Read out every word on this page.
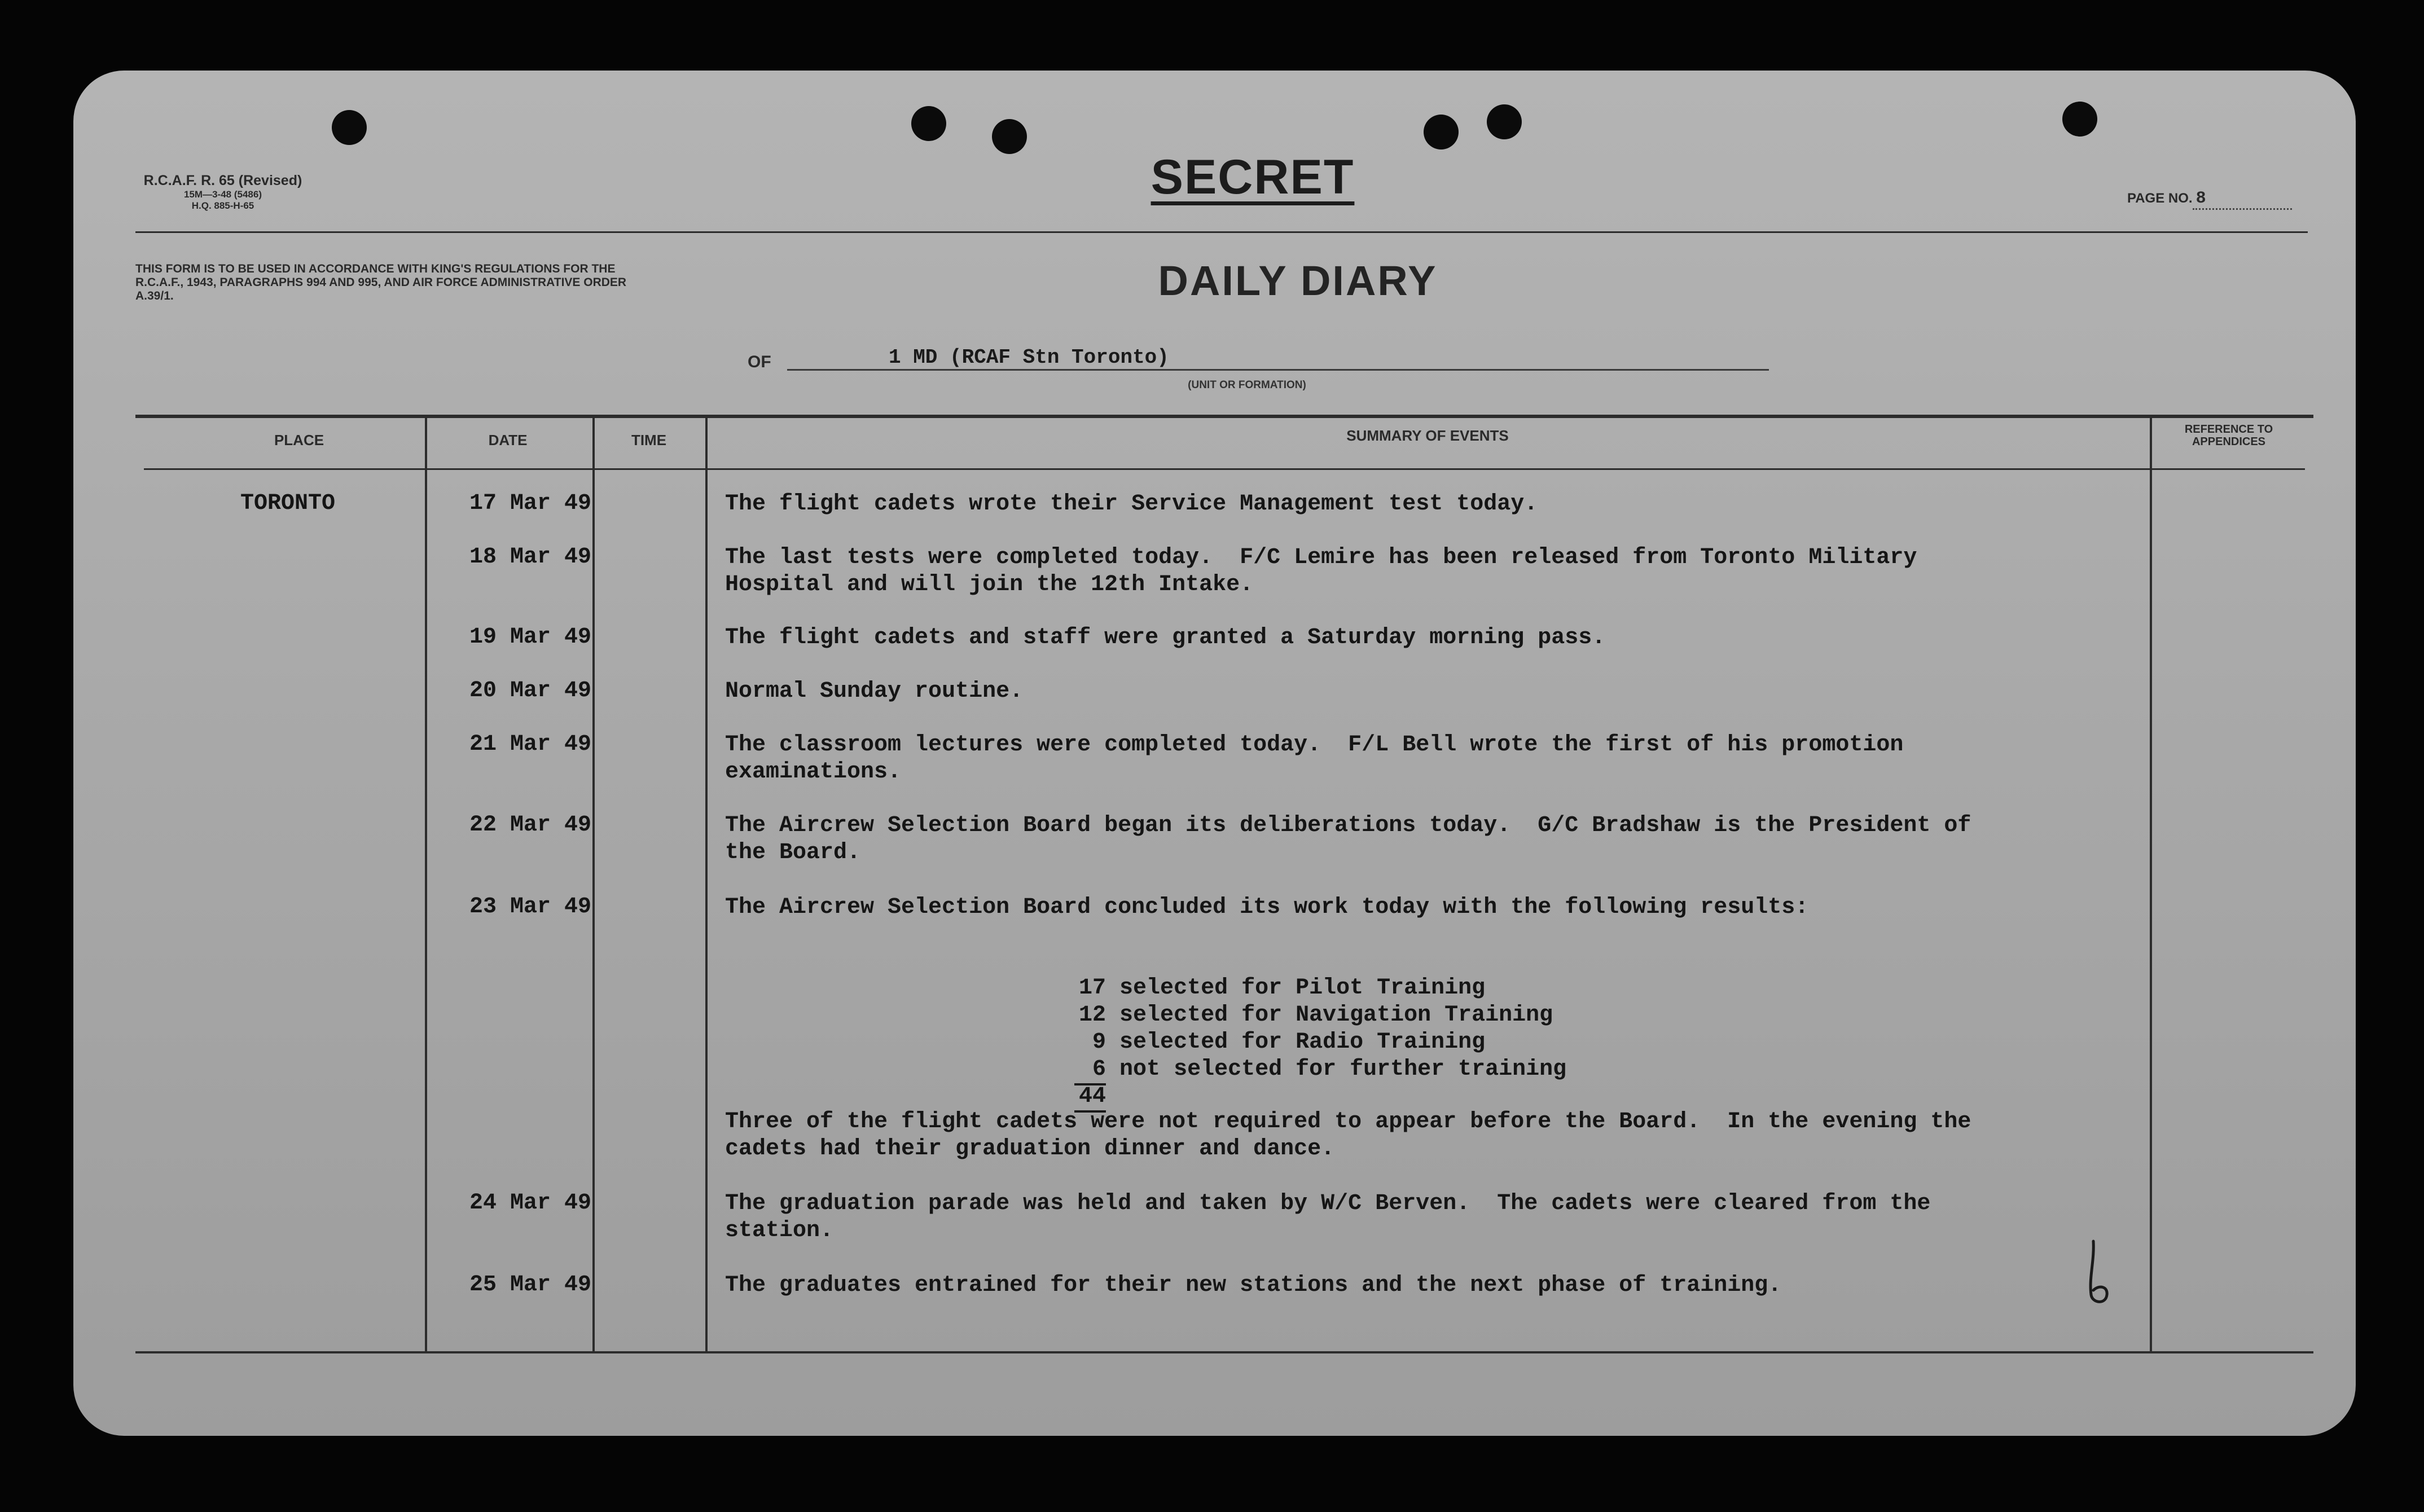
R.C.A.F. R. 65 (Revised)
15M—3-48 (5486)
H.Q. 885-H-65
SECRET	PAGE NO. 8
THIS FORM IS TO BE USED IN ACCORDANCE WITH KING'S REGULATIONS FOR THE R.C.A.F., 1943, PARAGRAPHS 994 AND 995, AND AIR FORCE ADMINISTRATIVE ORDER A.39/1.	DAILY DIARY
OF	1 MD (RCAF Stn Toronto)
(UNIT OR FORMATION)
PLACE	DATE	TIME	SUMMARY OF EVENTS	REFERENCE TO APPENDICES
TORONTO	17 Mar 49	The flight cadets wrote their Service Management test today.
18 Mar 49	The last tests were completed today.  F/C Lemire has been released from Toronto Military Hospital and will join the 12th Intake.
19 Mar 49	The flight cadets and staff were granted a Saturday morning pass.
20 Mar 49	Normal Sunday routine.
21 Mar 49	The classroom lectures were completed today.  F/L Bell wrote the first of his promotion examinations.
22 Mar 49	The Aircrew Selection Board began its deliberations today.  G/C Bradshaw is the President of the Board.
23 Mar 49	The Aircrew Selection Board concluded its work today with the following results:

17 selected for Pilot Training

12 selected for Navigation Training

9 selected for Radio Training

6 not selected for further training

44

Three of the flight cadets were not required to appear before the Board.  In the evening the cadets had their graduation dinner and dance.
24 Mar 49	The graduation parade was held and taken by W/C Berven.  The cadets were cleared from the station.
25 Mar 49	The graduates entrained for their new stations and the next phase of training.
